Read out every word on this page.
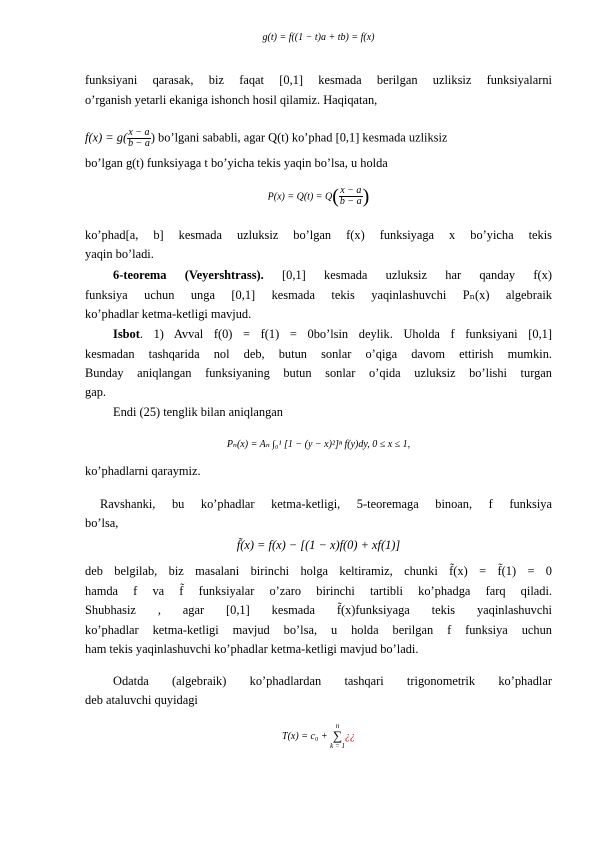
g(t) = f((1 − t)a + tb) = f(x)
funksiyani qarasak, biz faqat [0,1] kesmada berilgan uzliksiz funksiyalarni
o’rganish yetarli ekaniga ishonch hosil qilamiz. Haqiqatan,
$f(x) = g( \frac{x - a}{b - a}$ ) bo’lgani sababli, agar Q(t) ko’phad [0,1] kesmada uzliksiz
bo’lgan g(t) funksiyaga t bo’yicha tekis yaqin bo’lsa, u holda
$P(x) = Q(t) = Q( \frac{x - a}{b - a}$ )
ko’phad[a, b] kesmada uzluksiz bo’lgan f(x) funksiyaga x bo’yicha tekis
yaqin bo’ladi.
6-teorema (Veyershtrass). [0,1] kesmada uzluksiz har qanday f(x)
funksiya uchun unga [0,1] kesmada tekis yaqinlashuvchi Pₙ(x) algebraik
ko’phadlar ketma-ketligi mavjud.
Isbot. 1) Avval f(0) = f(1) = 0bo’lsin deylik. Uholda f funksiyani [0,1]
kesmadan tashqarida nol deb, butun sonlar o’qiga davom ettirish mumkin.
Bunday aniqlangan funksiyaning butun sonlar o’qida uzluksiz bo’lishi turgan
gap.
Endi (25) tenglik bilan aniqlangan
Pₙ(x) = Aₙ ∫₀¹ [1 − (y − x)²]ⁿ f(y)dy, 0 ≤ x ≤ 1,
ko’phadlarni qaraymiz.
Ravshanki, bu ko’phadlar ketma-ketligi, 5-teoremaga binoan, f funksiya
bo’lsa,
f̃(x) = f(x) − [(1 − x)f(0) + xf(1)]
deb belgilab, biz masalani birinchi holga keltiramiz, chunki f̃(x) = f̃(1) = 0
hamda f va f̃ funksiyalar o’zaro birinchi tartibli ko’phadga farq qiladi.
Shubhasiz , agar [0,1] kesmada f̃(x)funksiyaga tekis yaqinlashuvchi
ko’phadlar ketma-ketligi mavjud bo’lsa, u holda berilgan f funksiya uchun
ham tekis yaqinlashuvchi ko’phadlar ketma-ketligi mavjud bo’ladi.
Odatda (algebraik) ko’phadlardan tashqari trigonometrik ko’phadlar
deb ataluvchi quyidagi
T(x) = c₀ +
n
∑
k = 1
¿¿
